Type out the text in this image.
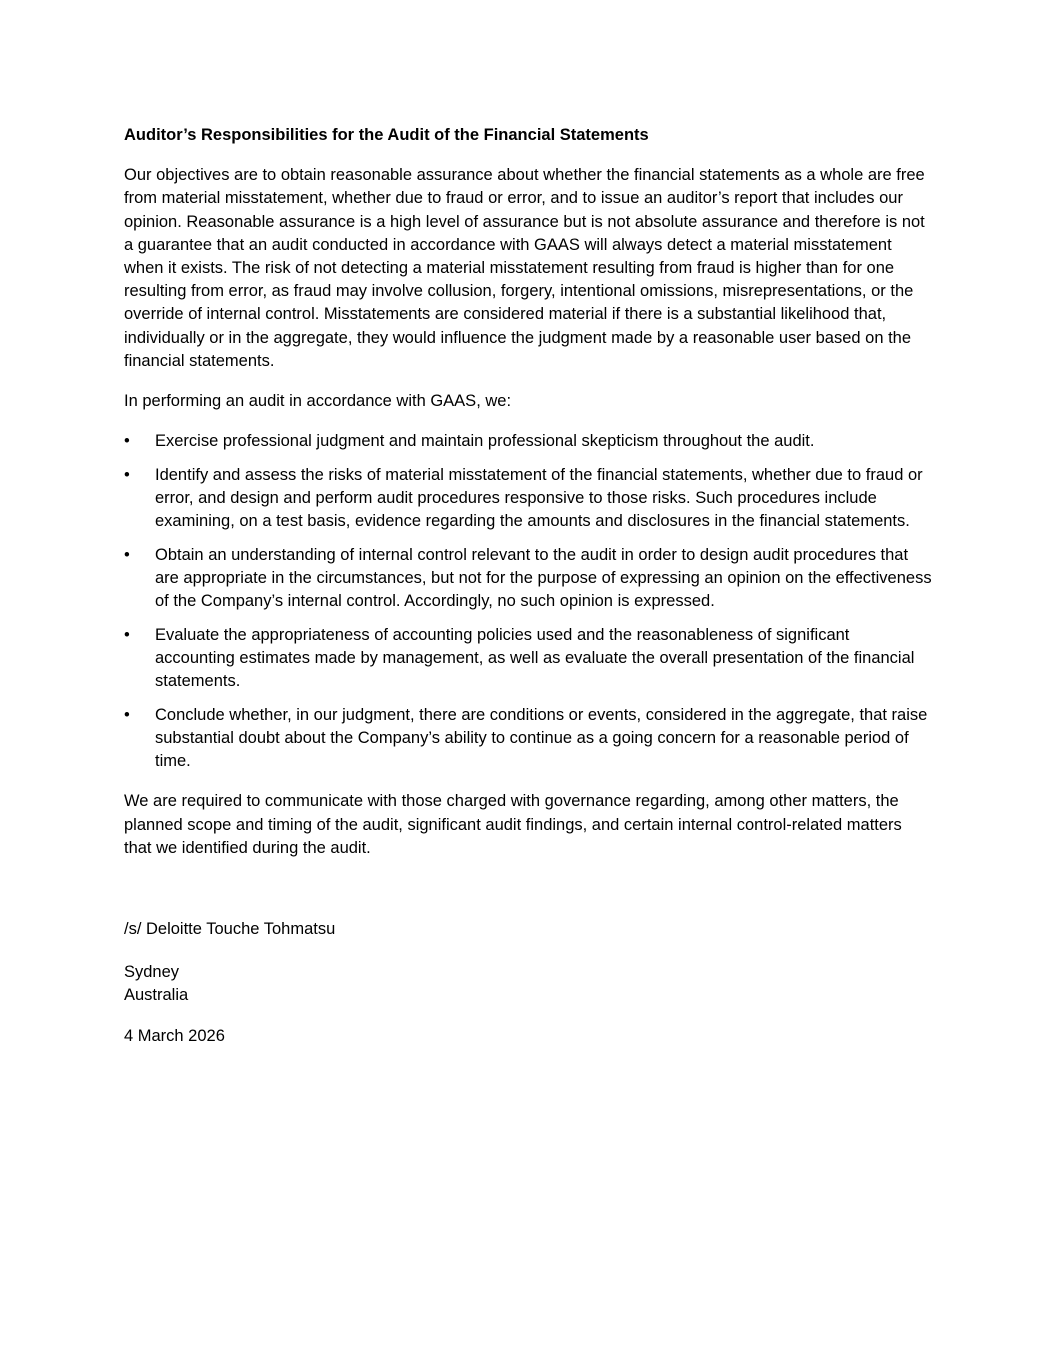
Auditor’s Responsibilities for the Audit of the Financial Statements

Our objectives are to obtain reasonable assurance about whether the financial statements as a whole are free from material misstatement, whether due to fraud or error, and to issue an auditor’s report that includes our opinion. Reasonable assurance is a high level of assurance but is not absolute assurance and therefore is not a guarantee that an audit conducted in accordance with GAAS will always detect a material misstatement when it exists. The risk of not detecting a material misstatement resulting from fraud is higher than for one resulting from error, as fraud may involve collusion, forgery, intentional omissions, misrepresentations, or the override of internal control. Misstatements are considered material if there is a substantial likelihood that, individually or in the aggregate, they would influence the judgment made by a reasonable user based on the financial statements.

In performing an audit in accordance with GAAS, we:

• Exercise professional judgment and maintain professional skepticism throughout the audit.
• Identify and assess the risks of material misstatement of the financial statements, whether due to fraud or error, and design and perform audit procedures responsive to those risks. Such procedures include examining, on a test basis, evidence regarding the amounts and disclosures in the financial statements.
• Obtain an understanding of internal control relevant to the audit in order to design audit procedures that are appropriate in the circumstances, but not for the purpose of expressing an opinion on the effectiveness of the Company’s internal control. Accordingly, no such opinion is expressed.
• Evaluate the appropriateness of accounting policies used and the reasonableness of significant accounting estimates made by management, as well as evaluate the overall presentation of the financial statements.
• Conclude whether, in our judgment, there are conditions or events, considered in the aggregate, that raise substantial doubt about the Company’s ability to continue as a going concern for a reasonable period of time.

We are required to communicate with those charged with governance regarding, among other matters, the planned scope and timing of the audit, significant audit findings, and certain internal control-related matters that we identified during the audit.

/s/ Deloitte Touche Tohmatsu

Sydney
Australia

4 March 2026
